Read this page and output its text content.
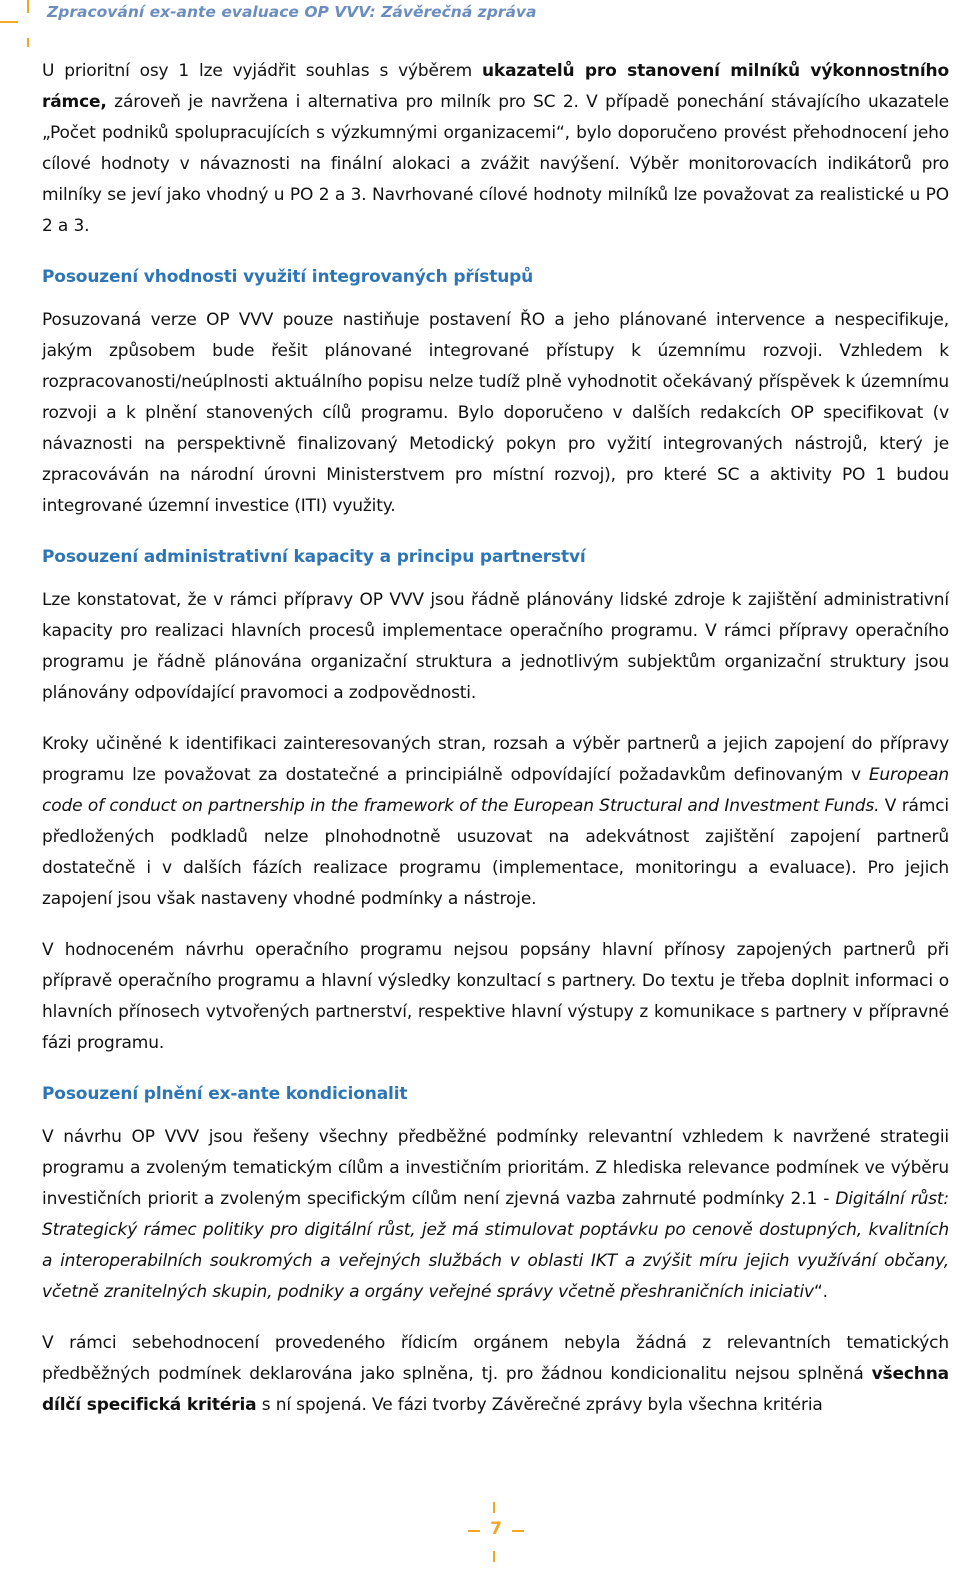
Zpracování ex-ante evaluace OP VVV: Závěrečná zpráva

U prioritní osy 1 lze vyjádřit souhlas s výběrem ukazatelů pro stanovení milníků výkonnostního rámce, zároveň je navržena i alternativa pro milník pro SC 2. V případě ponechání stávajícího ukazatele „Počet podniků spolupracujících s výzkumnými organizacemi“, bylo doporučeno provést přehodnocení jeho cílové hodnoty v návaznosti na finální alokaci a zvážit navýšení. Výběr monitorovacích indikátorů pro milníky se jeví jako vhodný u PO 2 a 3. Navrhované cílové hodnoty milníků lze považovat za realistické u PO 2 a 3.

Posouzení vhodnosti využití integrovaných přístupů

Posuzovaná verze OP VVV pouze nastiňuje postavení ŘO a jeho plánované intervence a nespecifikuje, jakým způsobem bude řešit plánované integrované přístupy k územnímu rozvoji. Vzhledem k rozpracovanosti/neúplnosti aktuálního popisu nelze tudíž plně vyhodnotit očekávaný příspěvek k územnímu rozvoji a k plnění stanovených cílů programu. Bylo doporučeno v dalších redakcích OP specifikovat (v návaznosti na perspektivně finalizovaný Metodický pokyn pro vyžití integrovaných nástrojů, který je zpracováván na národní úrovni Ministerstvem pro místní rozvoj), pro které SC a aktivity PO 1 budou integrované územní investice (ITI) využity.

Posouzení administrativní kapacity a principu partnerství

Lze konstatovat, že v rámci přípravy OP VVV jsou řádně plánovány lidské zdroje k zajištění administrativní kapacity pro realizaci hlavních procesů implementace operačního programu. V rámci přípravy operačního programu je řádně plánována organizační struktura a jednotlivým subjektům organizační struktury jsou plánovány odpovídající pravomoci a zodpovědnosti.

Kroky učiněné k identifikaci zainteresovaných stran, rozsah a výběr partnerů a jejich zapojení do přípravy programu lze považovat za dostatečné a principiálně odpovídající požadavkům definovaným v European code of conduct on partnership in the framework of the European Structural and Investment Funds. V rámci předložených podkladů nelze plnohodnotně usuzovat na adekvátnost zajištění zapojení partnerů dostatečně i v dalších fázích realizace programu (implementace, monitoringu a evaluace). Pro jejich zapojení jsou však nastaveny vhodné podmínky a nástroje.

V hodnoceném návrhu operačního programu nejsou popsány hlavní přínosy zapojených partnerů při přípravě operačního programu a hlavní výsledky konzultací s partnery. Do textu je třeba doplnit informaci o hlavních přínosech vytvořených partnerství, respektive hlavní výstupy z komunikace s partnery v přípravné fázi programu.

Posouzení plnění ex-ante kondicionalit

V návrhu OP VVV jsou řešeny všechny předběžné podmínky relevantní vzhledem k navržené strategii programu a zvoleným tematickým cílům a investičním prioritám. Z hlediska relevance podmínek ve výběru investičních priorit a zvoleným specifickým cílům není zjevná vazba zahrnuté podmínky 2.1 - Digitální růst: Strategický rámec politiky pro digitální růst, jež má stimulovat poptávku po cenově dostupných, kvalitních a interoperabilních soukromých a veřejných službách v oblasti IKT a zvýšit míru jejich využívání občany, včetně zranitelných skupin, podniky a orgány veřejné správy včetně přeshraničních iniciativ“.

V rámci sebehodnocení provedeného řídicím orgánem nebyla žádná z relevantních tematických předběžných podmínek deklarována jako splněna, tj. pro žádnou kondicionalitu nejsou splněná všechna dílčí specifická kritéria s ní spojená. Ve fázi tvorby Závěrečné zprávy byla všechna kritéria

7
